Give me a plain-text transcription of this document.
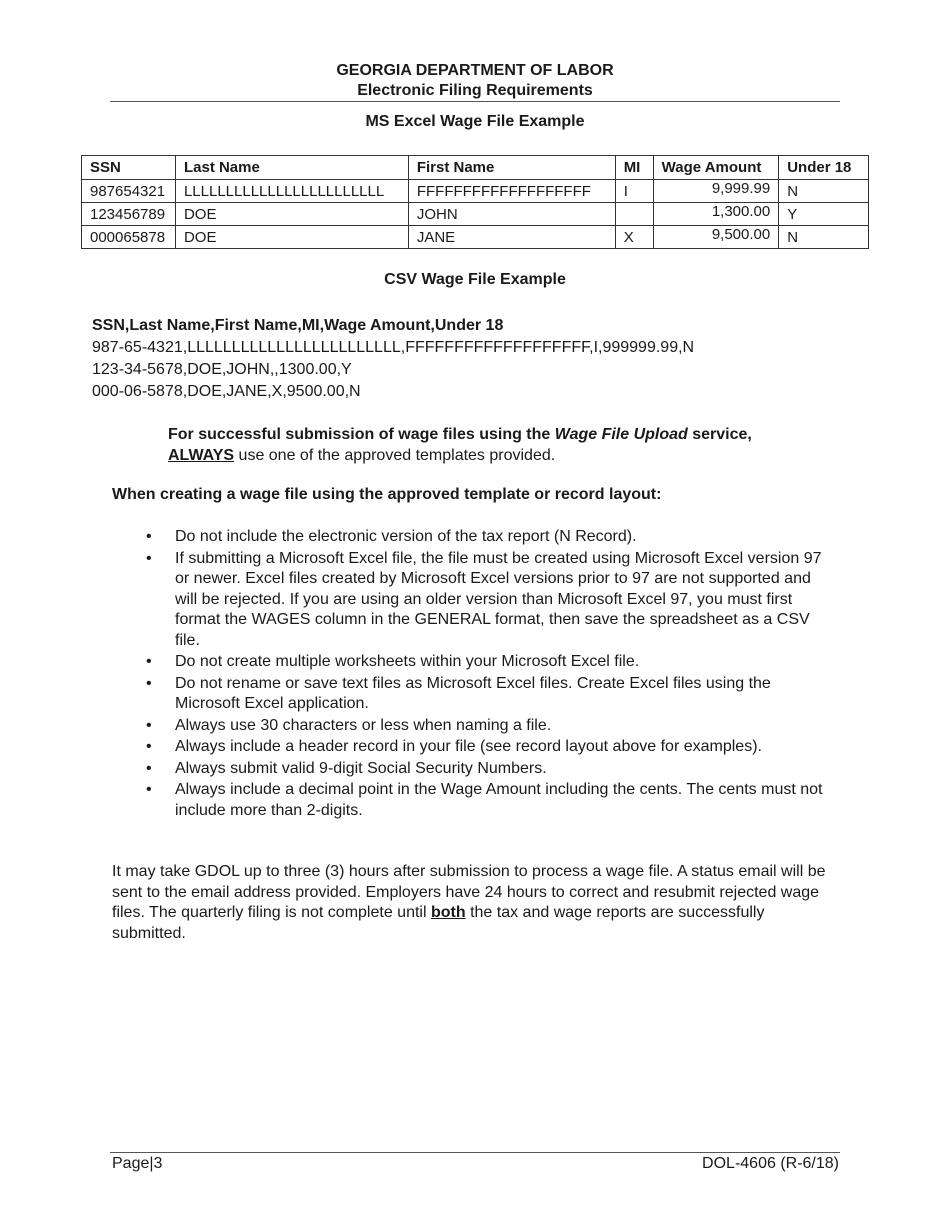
GEORGIA DEPARTMENT OF LABOR
Electronic Filing Requirements
MS Excel Wage File Example
SSN	Last Name	First Name	MI	Wage Amount	Under 18
987654321	LLLLLLLLLLLLLLLLLLLLLLLL	FFFFFFFFFFFFFFFFFFF	I	9,999.99	N
123456789	DOE	JOHN		1,300.00	Y
000065878	DOE	JANE	X	9,500.00	N
CSV Wage File Example
SSN,Last Name,First Name,MI,Wage Amount,Under 18
987-65-4321,LLLLLLLLLLLLLLLLLLLLLLLL,FFFFFFFFFFFFFFFFFFF,I,999999.99,N
123-34-5678,DOE,JOHN,,1300.00,Y
000-06-5878,DOE,JANE,X,9500.00,N
For successful submission of wage files using the Wage File Upload service,
ALWAYS use one of the approved templates provided.
When creating a wage file using the approved template or record layout:
• Do not include the electronic version of the tax report (N Record).
• If submitting a Microsoft Excel file, the file must be created using Microsoft Excel version 97 or newer. Excel files created by Microsoft Excel versions prior to 97 are not supported and will be rejected. If you are using an older version than Microsoft Excel 97, you must first format the WAGES column in the GENERAL format, then save the spreadsheet as a CSV file.
• Do not create multiple worksheets within your Microsoft Excel file.
• Do not rename or save text files as Microsoft Excel files. Create Excel files using the Microsoft Excel application.
• Always use 30 characters or less when naming a file.
• Always include a header record in your file (see record layout above for examples).
• Always submit valid 9-digit Social Security Numbers.
• Always include a decimal point in the Wage Amount including the cents. The cents must not include more than 2-digits.
It may take GDOL up to three (3) hours after submission to process a wage file. A status email will be sent to the email address provided. Employers have 24 hours to correct and resubmit rejected wage files. The quarterly filing is not complete until both the tax and wage reports are successfully submitted.
Page|3	DOL-4606 (R-6/18)
